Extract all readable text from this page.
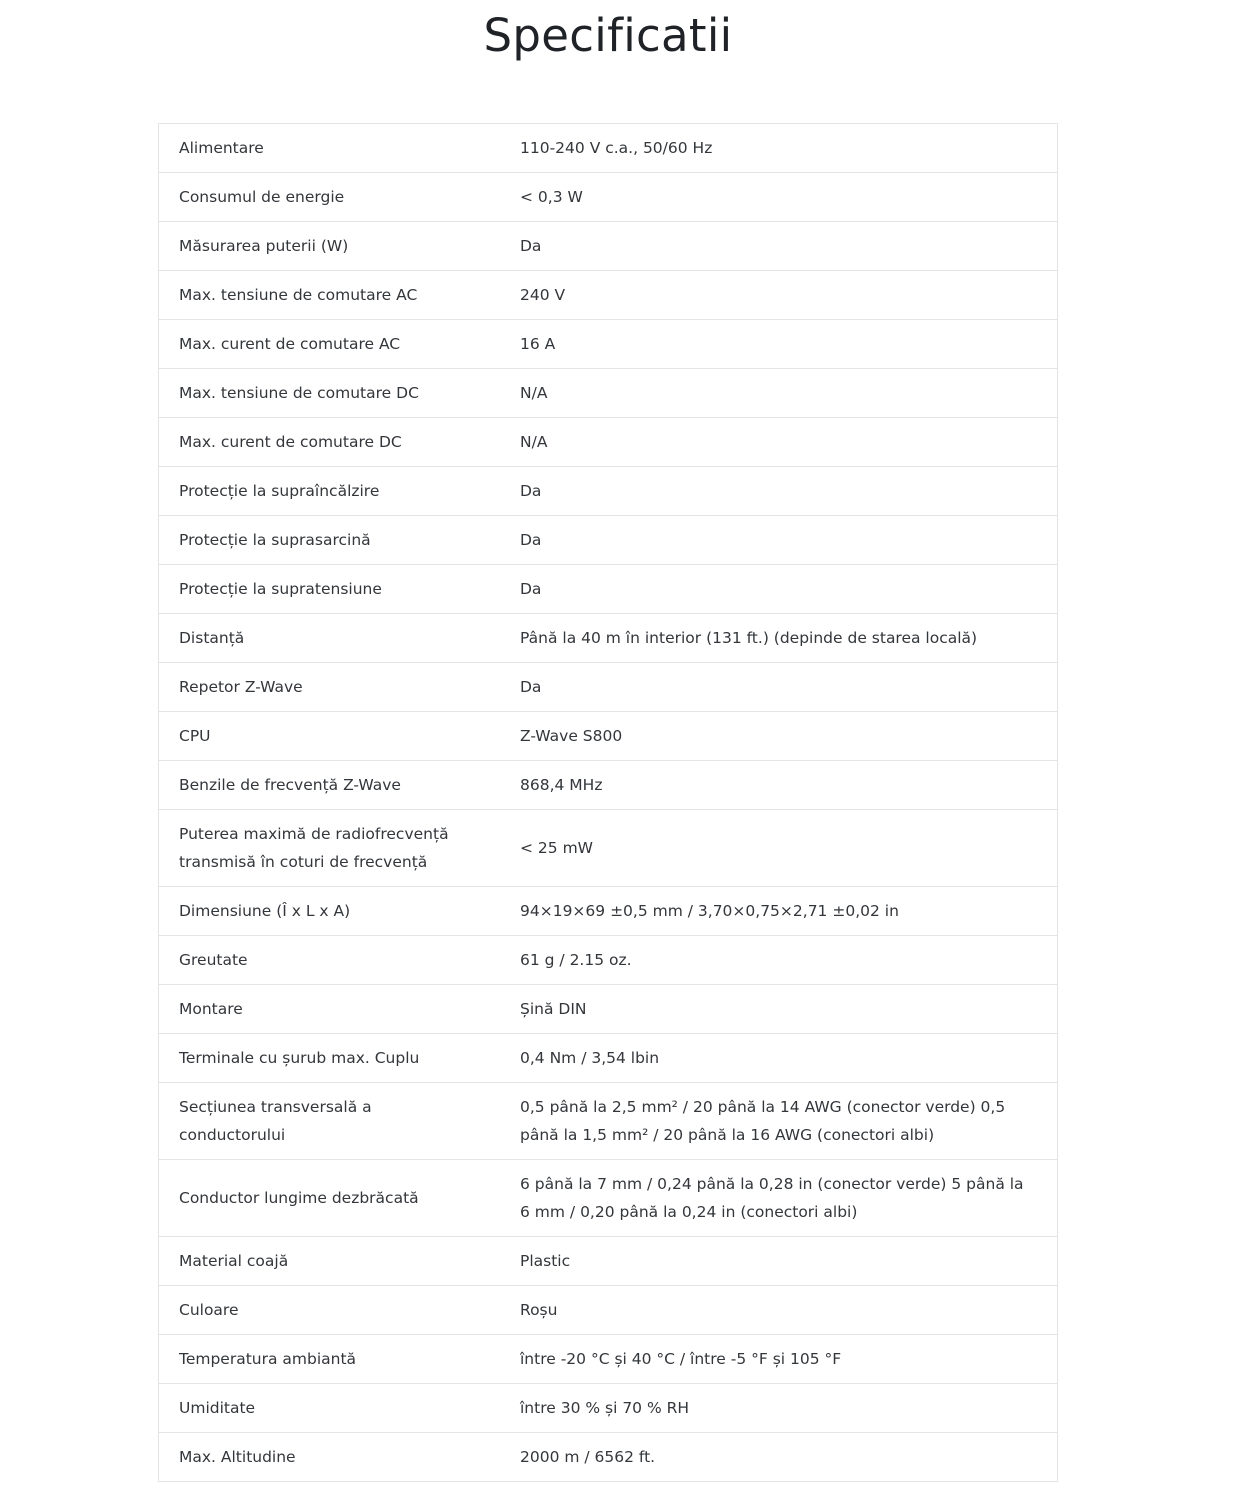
Specificatii
Alimentare	110-240 V c.a., 50/60 Hz
Consumul de energie	< 0,3 W
Măsurarea puterii (W)	Da
Max. tensiune de comutare AC	240 V
Max. curent de comutare AC	16 A
Max. tensiune de comutare DC	N/A
Max. curent de comutare DC	N/A
Protecție la supraîncălzire	Da
Protecție la suprasarcină	Da
Protecție la supratensiune	Da
Distanță	Până la 40 m în interior (131 ft.) (depinde de starea locală)
Repetor Z-Wave	Da
CPU	Z-Wave S800
Benzile de frecvență Z-Wave	868,4 MHz
Puterea maximă de radiofrecvență transmisă în coturi de frecvență	< 25 mW
Dimensiune (Î x L x A)	94×19×69 ±0,5 mm / 3,70×0,75×2,71 ±0,02 in
Greutate	61 g / 2.15 oz.
Montare	Șină DIN
Terminale cu șurub max. Cuplu	0,4 Nm / 3,54 lbin
Secțiunea transversală a conductorului	0,5 până la 2,5 mm² / 20 până la 14 AWG (conector verde) 0,5 până la 1,5 mm² / 20 până la 16 AWG (conectori albi)
Conductor lungime dezbrăcată	6 până la 7 mm / 0,24 până la 0,28 in (conector verde) 5 până la 6 mm / 0,20 până la 0,24 in (conectori albi)
Material coajă	Plastic
Culoare	Roșu
Temperatura ambiantă	între -20 °C și 40 °C / între -5 °F și 105 °F
Umiditate	între 30 % și 70 % RH
Max. Altitudine	2000 m / 6562 ft.
